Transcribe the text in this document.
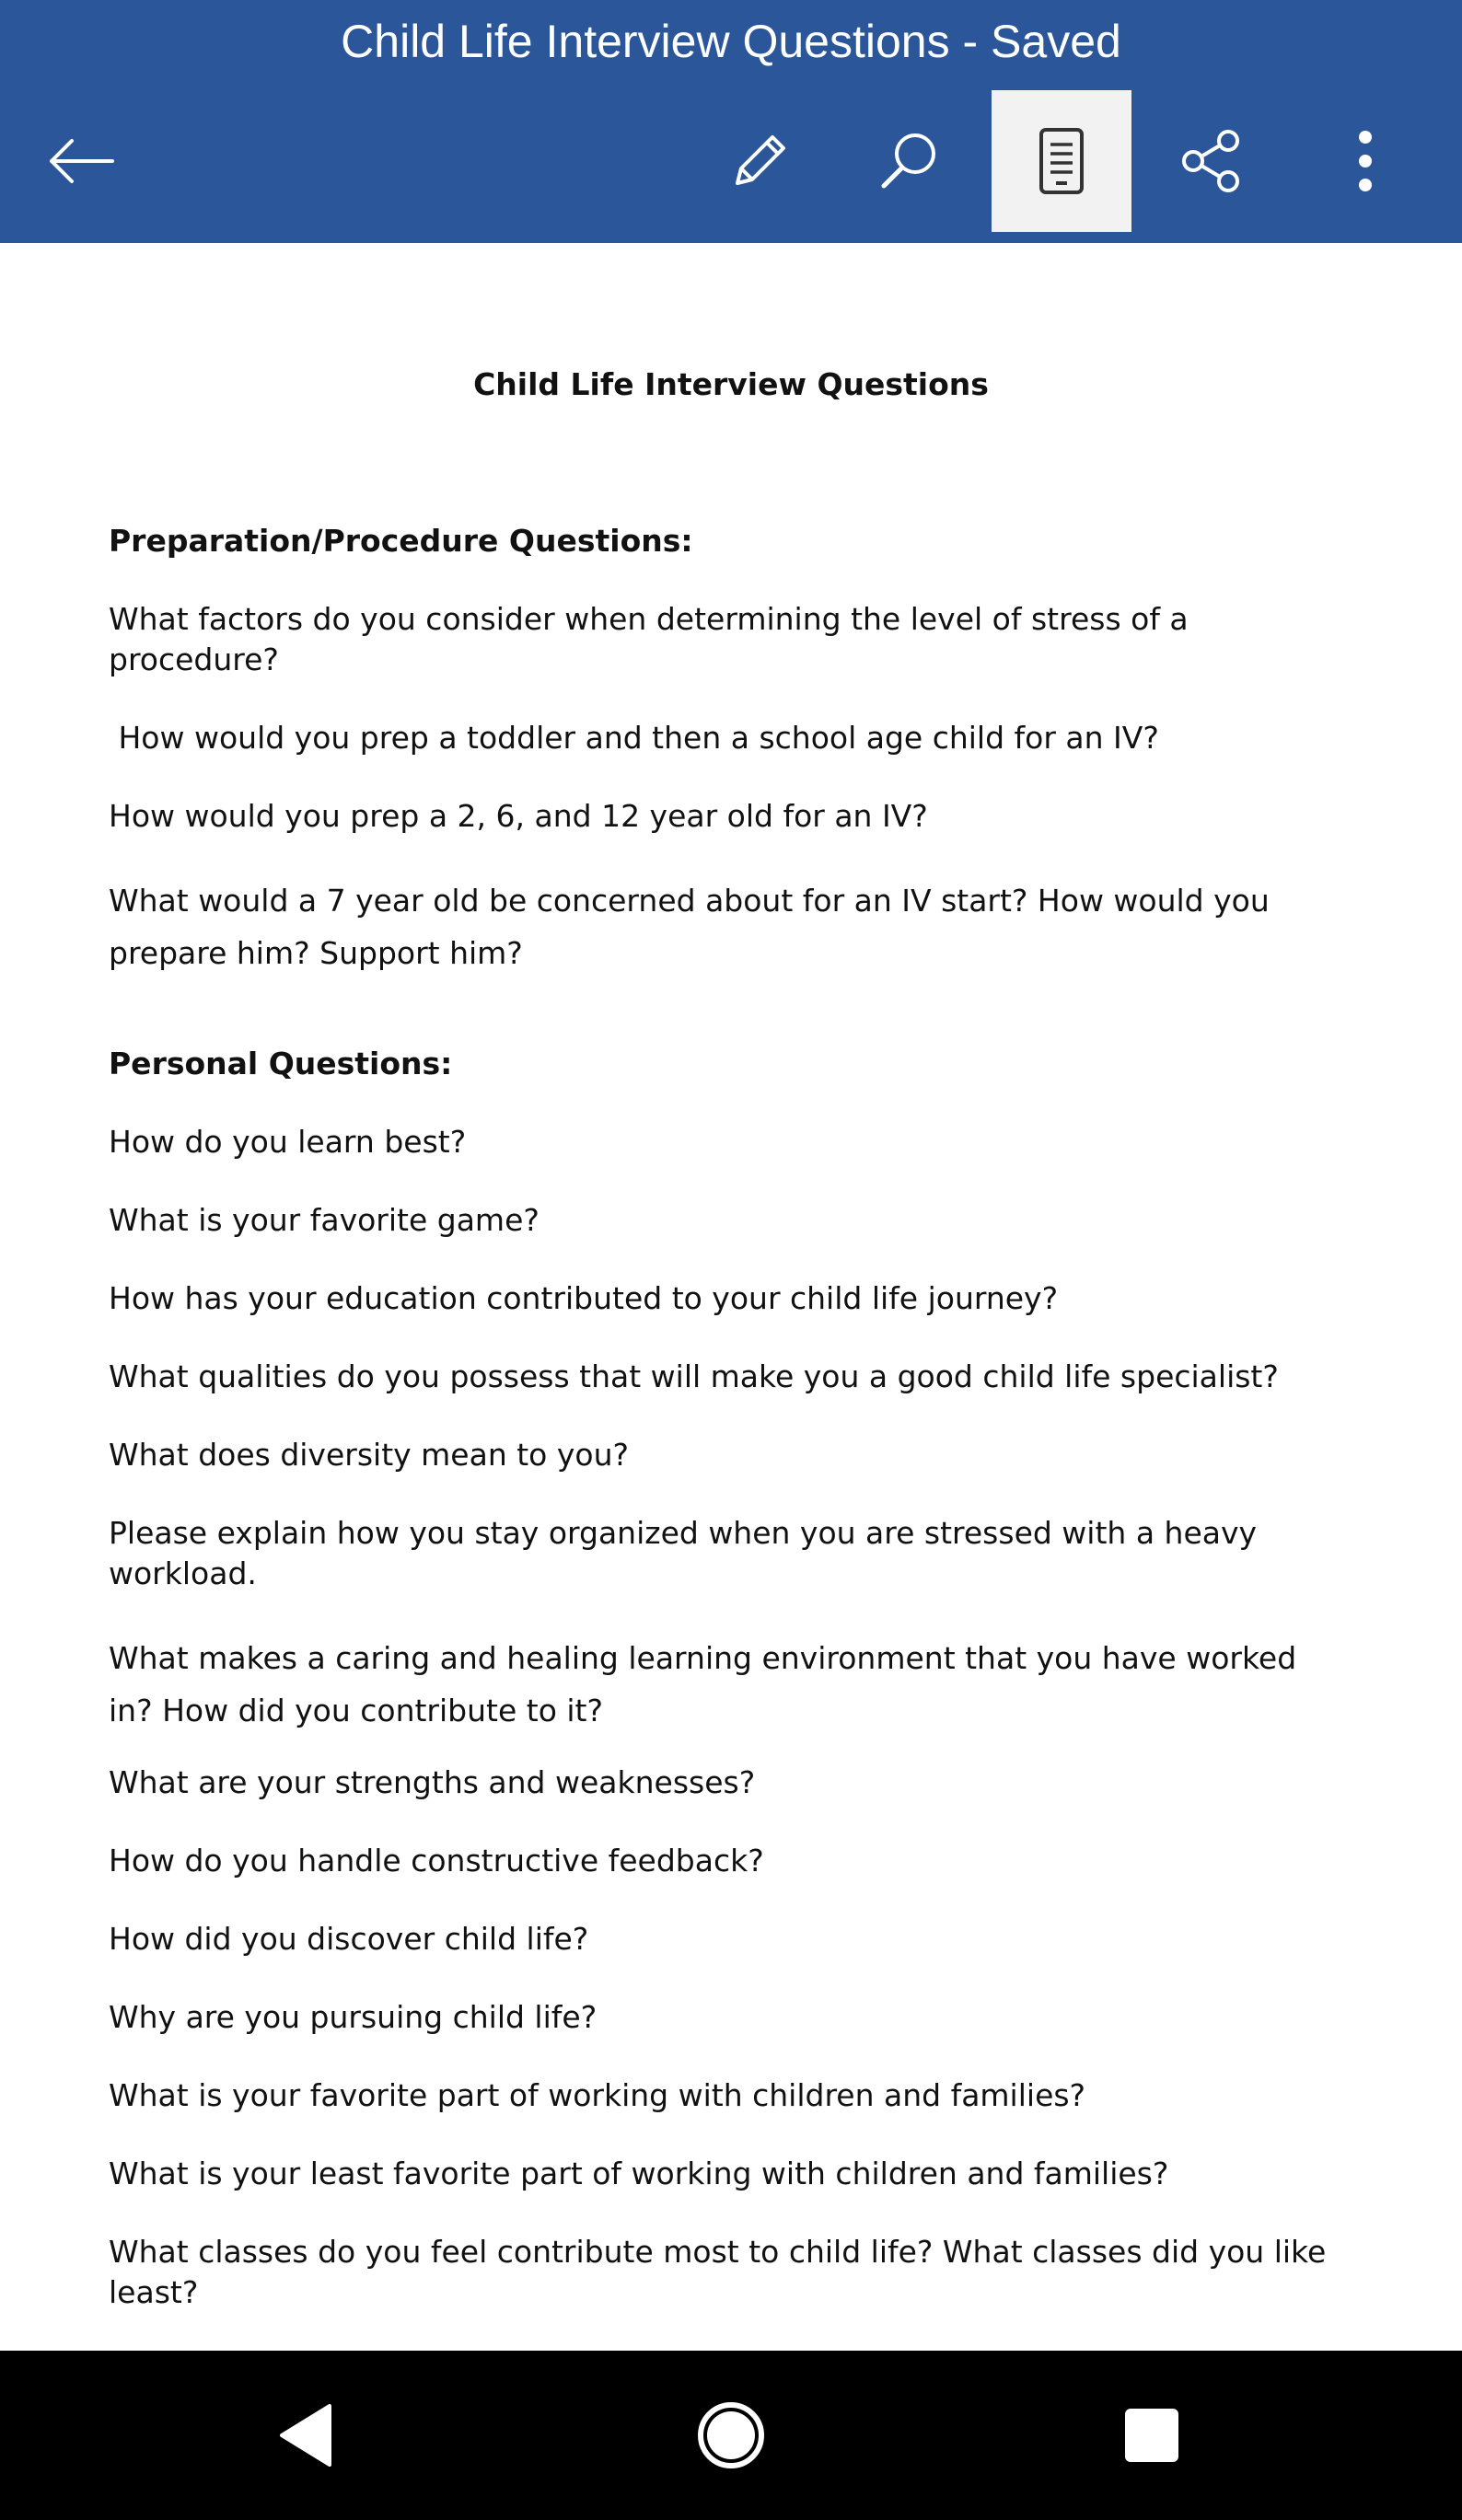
Child Life Interview Questions - Saved
Child Life Interview Questions
Preparation/Procedure Questions:
What factors do you consider when determining the level of stress of a procedure?
How would you prep a toddler and then a school age child for an IV?
How would you prep a 2, 6, and 12 year old for an IV?
What would a 7 year old be concerned about for an IV start? How would you prepare him? Support him?
Personal Questions:
How do you learn best?
What is your favorite game?
How has your education contributed to your child life journey?
What qualities do you possess that will make you a good child life specialist?
What does diversity mean to you?
Please explain how you stay organized when you are stressed with a heavy workload.
What makes a caring and healing learning environment that you have worked in? How did you contribute to it?
What are your strengths and weaknesses?
How do you handle constructive feedback?
How did you discover child life?
Why are you pursuing child life?
What is your favorite part of working with children and families?
What is your least favorite part of working with children and families?
What classes do you feel contribute most to child life? What classes did you like least?
